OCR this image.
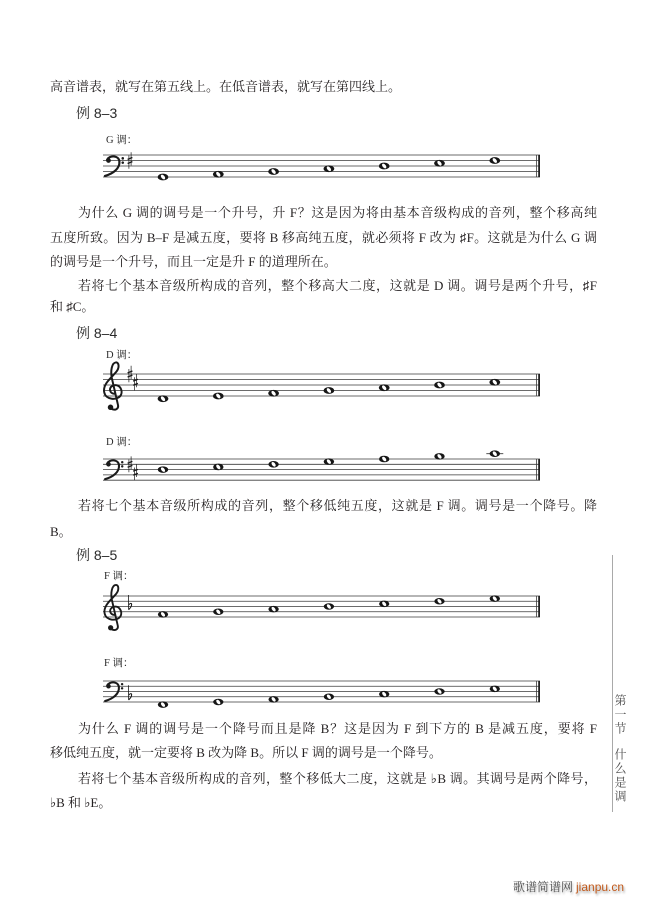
高音谱表，就写在第五线上。在低音谱表，就写在第四线上。
例 8–3
G 调：
为什么 G 调的调号是一个升号，升 F？这是因为将由基本音级构成的音列，整个移高纯
五度所致。因为 B–F 是减五度，要将 B 移高纯五度，就必须将 F 改为 ♯F。这就是为什么 G 调
的调号是一个升号，而且一定是升 F 的道理所在。
若将七个基本音级所构成的音列，整个移高大二度，这就是 D 调。调号是两个升号，♯F
和 ♯C。
例 8–4
D 调：
D 调：
若将七个基本音级所构成的音列，整个移低纯五度，这就是 F 调。调号是一个降号。降
B。
例 8–5
F 调：
F 调：
为什么 F 调的调号是一个降号而且是降 B？这是因为 F 到下方的 B 是减五度，要将 F
移低纯五度，就一定要将 B 改为降 B。所以 F 调的调号是一个降号。
若将七个基本音级所构成的音列，整个移低大二度，这就是 ♭B 调。其调号是两个降号，
♭B 和 ♭E。
第一节
什么是调
歌谱简谱网 jianpu.cn
